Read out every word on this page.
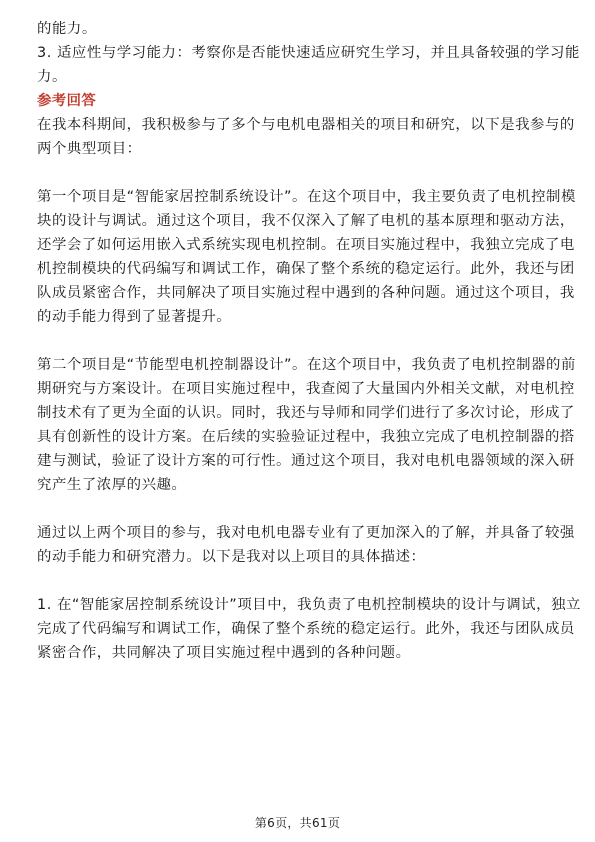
的能力。
3. 适应性与学习能力：考察你是否能快速适应研究生学习，并且具备较强的学习能
力。
参考回答
在我本科期间，我积极参与了多个与电机电器相关的项目和研究，以下是我参与的
两个典型项目：
第一个项目是“智能家居控制系统设计”。在这个项目中，我主要负责了电机控制模
块的设计与调试。通过这个项目，我不仅深入了解了电机的基本原理和驱动方法，
还学会了如何运用嵌入式系统实现电机控制。在项目实施过程中，我独立完成了电
机控制模块的代码编写和调试工作，确保了整个系统的稳定运行。此外，我还与团
队成员紧密合作，共同解决了项目实施过程中遇到的各种问题。通过这个项目，我
的动手能力得到了显著提升。
第二个项目是“节能型电机控制器设计”。在这个项目中，我负责了电机控制器的前
期研究与方案设计。在项目实施过程中，我查阅了大量国内外相关文献，对电机控
制技术有了更为全面的认识。同时，我还与导师和同学们进行了多次讨论，形成了
具有创新性的设计方案。在后续的实验验证过程中，我独立完成了电机控制器的搭
建与测试，验证了设计方案的可行性。通过这个项目，我对电机电器领域的深入研
究产生了浓厚的兴趣。
通过以上两个项目的参与，我对电机电器专业有了更加深入的了解，并具备了较强
的动手能力和研究潜力。以下是我对以上项目的具体描述：
1. 在“智能家居控制系统设计”项目中，我负责了电机控制模块的设计与调试，独立
完成了代码编写和调试工作，确保了整个系统的稳定运行。此外，我还与团队成员
紧密合作，共同解决了项目实施过程中遇到的各种问题。
第6页，共61页
